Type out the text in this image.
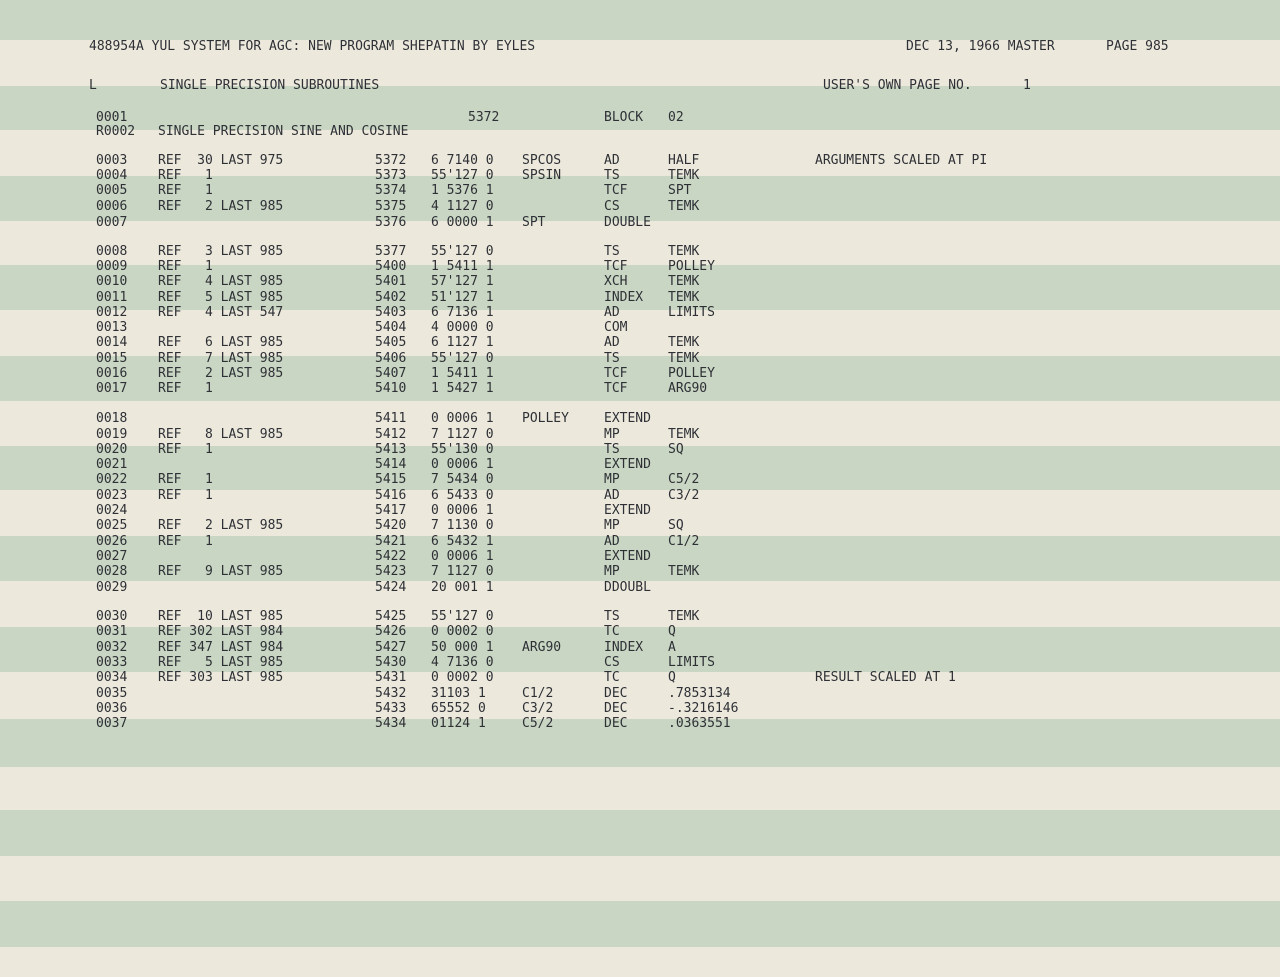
488954A YUL SYSTEM FOR AGC: NEW PROGRAM SHEPATIN BY EYLES

	DEC 13, 1966 MASTER

	PAGE 985

L

	SINGLE PRECISION SUBROUTINES

	USER'S OWN PAGE NO.

	1

0001	5372	BLOCK 02
R0002 SINGLE PRECISION SINE AND COSINE
0003 REF  30 LAST 975	5372 6 7140 0 SPCOS	AD	HALF	ARGUMENTS SCALED AT PI
0004 REF   1	5373 55'127 0 SPSIN	TS	TEMK
0005 REF   1	5374 1 5376 1	TCF	SPT
0006 REF   2 LAST 985	5375 4 1127 0	CS	TEMK
0007	5376 6 0000 1 SPT	DOUBLE
0008 REF   3 LAST 985	5377 55'127 0	TS	TEMK
0009 REF   1	5400 1 5411 1	TCF	POLLEY
0010 REF   4 LAST 985	5401 57'127 1	XCH	TEMK
0011 REF   5 LAST 985	5402 51'127 1	INDEX TEMK
0012 REF   4 LAST 547	5403 6 7136 1	AD	LIMITS
0013	5404 4 0000 0	COM
0014 REF   6 LAST 985	5405 6 1127 1	AD	TEMK
0015 REF   7 LAST 985	5406 55'127 0	TS	TEMK
0016 REF   2 LAST 985	5407 1 5411 1	TCF	POLLEY
0017 REF   1	5410 1 5427 1	TCF	ARG90
0018	5411 0 0006 1 POLLEY	EXTEND
0019 REF   8 LAST 985	5412 7 1127 0	MP	TEMK
0020 REF   1	5413 55'130 0	TS	SQ
0021	5414 0 0006 1	EXTEND
0022 REF   1	5415 7 5434 0	MP	C5/2
0023 REF   1	5416 6 5433 0	AD	C3/2
0024	5417 0 0006 1	EXTEND
0025 REF   2 LAST 985	5420 7 1130 0	MP	SQ
0026 REF   1	5421 6 5432 1	AD	C1/2
0027	5422 0 0006 1	EXTEND
0028 REF   9 LAST 985	5423 7 1127 0	MP	TEMK
0029	5424 20 001 1	DDOUBL
0030 REF  10 LAST 985	5425 55'127 0	TS	TEMK
0031 REF 302 LAST 984	5426 0 0002 0	TC	Q
0032 REF 347 LAST 984	5427 50 000 1 ARG90	INDEX A
0033 REF   5 LAST 985	5430 4 7136 0	CS	LIMITS
0034 REF 303 LAST 985	5431 0 0002 0	TC	Q	RESULT SCALED AT 1
0035	5432 31103 1	C1/2	DEC	.7853134
0036	5433 65552 0	C3/2	DEC	-.3216146
0037	5434 01124 1	C5/2	DEC	.0363551
